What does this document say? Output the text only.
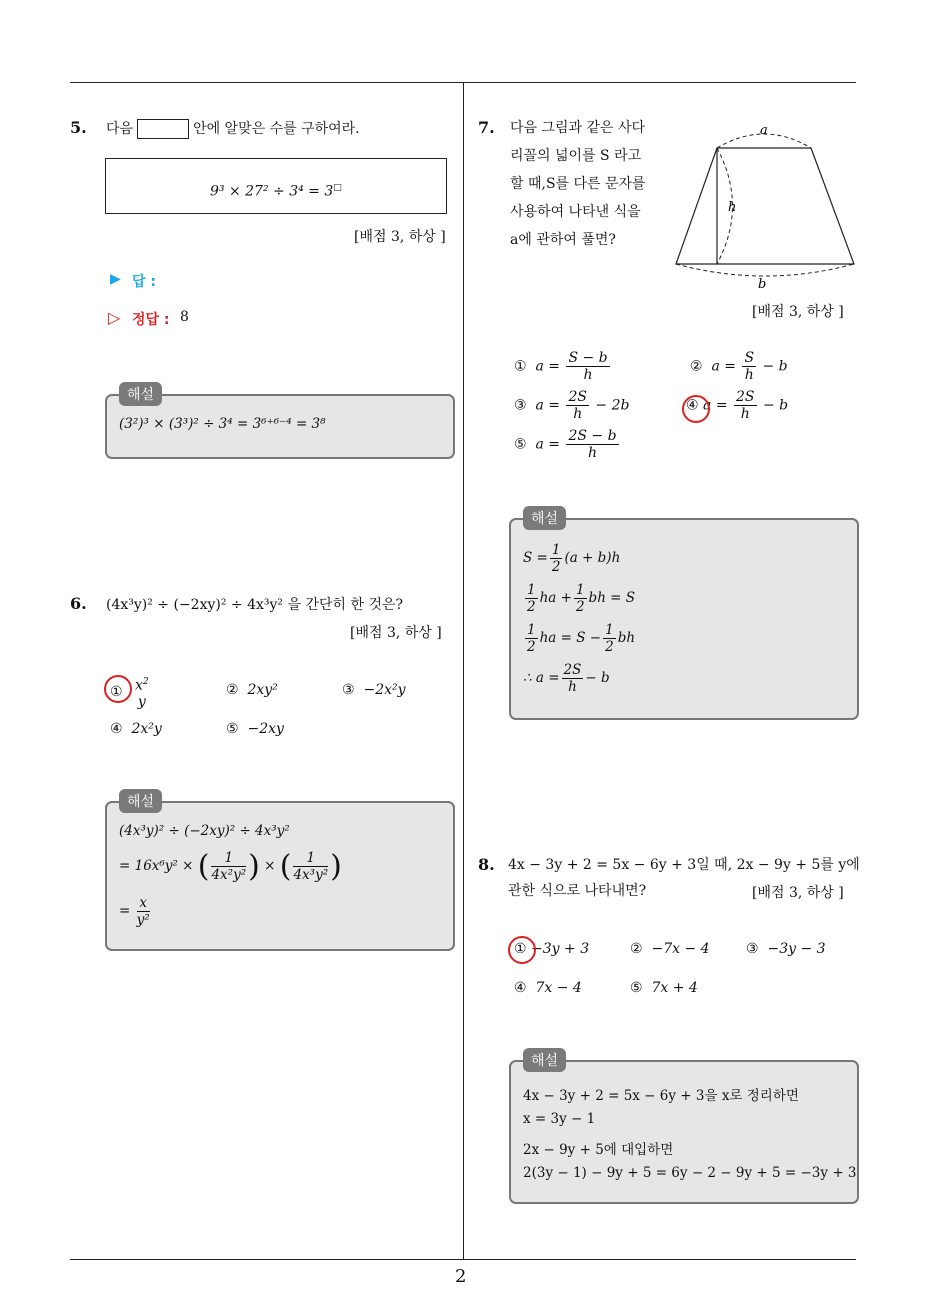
2
5. 다음	안에 알맞은 수를 구하여라.
9³ × 27² ÷ 3⁴ = 3□
[배점 3, 하상 ]
▶ 답 :
▷ 정답 : 8
(3²)³ × (3³)² ÷ 3⁴ = 3⁶⁺⁶⁻⁴ = 3⁸
해설
6. (4x³y)² ÷ (−2xy)² ÷ 4x³y² 을 간단히 한 것은?
[배점 3, 하상 ]
① $x^2$
y
② 2xy²	③ −2x²y
④ 2x²y	⑤ −2xy
(4x³y)² ÷ (−2xy)² ÷ 4x³y²
= 16x⁶y² × ( $\frac{1}{\text{4x²y²}}$ ) × ( $\frac{1}{\text{4x³y²}}$ )
= $\frac{x}{\text{y²}}$
해설
7. 다음 그림과 같은 사다
리꼴의 넓이를 S 라고
할 때,S를 다른 문자를
사용하여 나타낸 식을
a에 관하여 풀면?
a
h
b
[배점 3, 하상 ]
① $a = \frac{S - b}{h}$	② $a = \frac{S}{h} - b$
③ $a = \frac{2S}{h} - 2b$	④ $a = \frac{2S}{h} - b$
⑤ $a = \frac{2S - b}{h}$
$S = \frac{1}{2} (a + b)h$
$\frac{1}{2}$ ha + $\frac{1}{2}$ bh = S
$\frac{1}{2}$ ha = $S - \frac{1}{2}$ bh
∴ $a = \frac{2S}{h} - b$
해설
8. 4x − 3y + 2 = 5x − 6y + 3일 때, 2x − 9y + 5를 y에
관한 식으로 나타내면?	[배점 3, 하상 ]
① −3y + 3	② −7x − 4	③ −3y − 3
④ 7x − 4	⑤ 7x + 4
4x − 3y + 2 = 5x − 6y + 3을 x로 정리하면
x = 3y − 1
2x − 9y + 5에 대입하면
2(3y − 1) − 9y + 5 = 6y − 2 − 9y + 5 = −3y + 3
해설
